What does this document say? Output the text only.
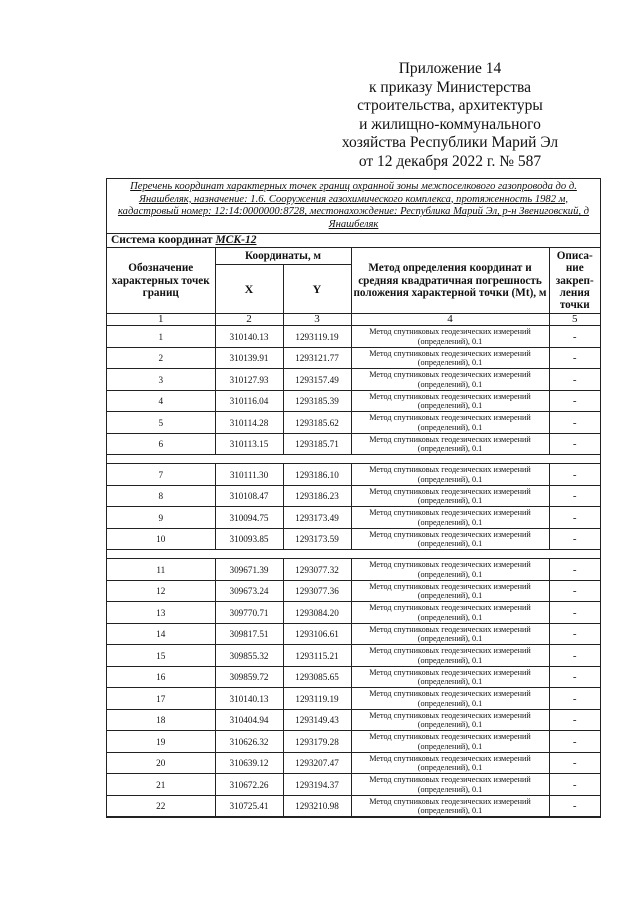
Приложение 14
к приказу Министерства
строительства, архитектуры
и жилищно-коммунального
хозяйства Республики Марий Эл
от 12 декабря 2022 г. № 587
Перечень координат характерных точек границ охранной зоны межпоселкового газопровода до д. Янашбеляк, назначение: 1.6. Сооружения газохимического комплекса, протяженность 1982 м, кадастровый номер: 12:14:0000000:8728, местонахождение: Республика Марий Эл, р-н Звениговский, д Янашбеляк
Система координат МСК-12
Обозначение характерных точек границ	Координаты, м		Метод определения координат и средняя квадратичная погрешность положения характерной точки (Mt), м	Описа-ние закреп-ления точки
	X	Y		
1	2	3	4	5
1	310140.13	1293119.19	Метод спутниковых геодезических измерений (определений), 0.1	-
2	310139.91	1293121.77	Метод спутниковых геодезических измерений (определений), 0.1	-
3	310127.93	1293157.49	Метод спутниковых геодезических измерений (определений), 0.1	-
4	310116.04	1293185.39	Метод спутниковых геодезических измерений (определений), 0.1	-
5	310114.28	1293185.62	Метод спутниковых геодезических измерений (определений), 0.1	-
6	310113.15	1293185.71	Метод спутниковых геодезических измерений (определений), 0.1	-

7	310111.30	1293186.10	Метод спутниковых геодезических измерений (определений), 0.1	-
8	310108.47	1293186.23	Метод спутниковых геодезических измерений (определений), 0.1	-
9	310094.75	1293173.49	Метод спутниковых геодезических измерений (определений), 0.1	-
10	310093.85	1293173.59	Метод спутниковых геодезических измерений (определений), 0.1	-

11	309671.39	1293077.32	Метод спутниковых геодезических измерений (определений), 0.1	-
12	309673.24	1293077.36	Метод спутниковых геодезических измерений (определений), 0.1	-
13	309770.71	1293084.20	Метод спутниковых геодезических измерений (определений), 0.1	-
14	309817.51	1293106.61	Метод спутниковых геодезических измерений (определений), 0.1	-
15	309855.32	1293115.21	Метод спутниковых геодезических измерений (определений), 0.1	-
16	309859.72	1293085.65	Метод спутниковых геодезических измерений (определений), 0.1	-
17	310140.13	1293119.19	Метод спутниковых геодезических измерений (определений), 0.1	-
18	310404.94	1293149.43	Метод спутниковых геодезических измерений (определений), 0.1	-
19	310626.32	1293179.28	Метод спутниковых геодезических измерений (определений), 0.1	-
20	310639.12	1293207.47	Метод спутниковых геодезических измерений (определений), 0.1	-
21	310672.26	1293194.37	Метод спутниковых геодезических измерений (определений), 0.1	-
22	310725.41	1293210.98	Метод спутниковых геодезических измерений (определений), 0.1	-
